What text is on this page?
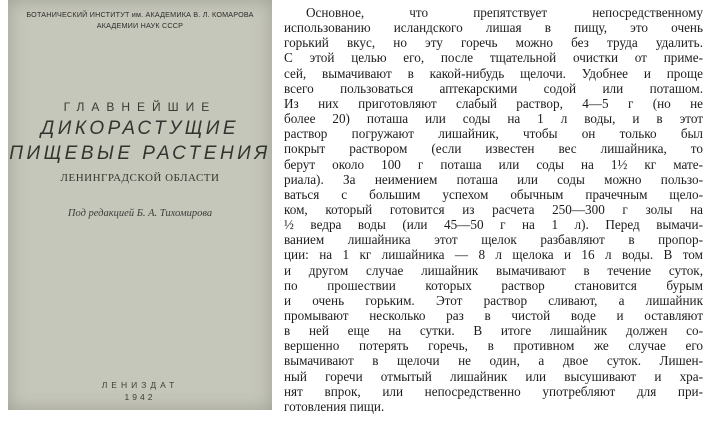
БОТАНИЧЕСКИЙ ИНСТИТУТ им. АКАДЕМИКА В. Л. КОМАРОВА
АКАДЕМИИ НАУК СССР
ГЛАВНЕЙШИЕ
ДИКОРАСТУЩИЕ
ПИЩЕВЫЕ РАСТЕНИЯ
ЛЕНИНГРАДСКОЙ ОБЛАСТИ
Под редакцией Б. А. Тихомирова
ЛЕНИЗДАТ
1942
Основное, что препятствует непосредственному
использованию исландского лишая в пищу, это очень
горький вкус, но эту горечь можно без труда удалить.
С этой целью его, после тщательной очистки от приме-
сей, вымачивают в какой-нибудь щелочи. Удобнее и проще
всего пользоваться аптекарскими содой или поташом.
Из них приготовляют слабый раствор, 4—5 г (но не
более 20) поташа или соды на 1 л воды, и в этот
раствор погружают лишайник, чтобы он только был
покрыт раствором (если известен вес лишайника, то
берут около 100 г поташа или соды на 1½ кг мате-
риала). За неимением поташа или соды можно пользо-
ваться с большим успехом обычным прачечным щело-
ком, который готовится из расчета 250—300 г золы на
½ ведра воды (или 45—50 г на 1 л). Перед вымачи-
ванием лишайника этот щелок разбавляют в пропор-
ции: на 1 кг лишайника — 8 л щелока и 16 л воды. В том
и другом случае лишайник вымачивают в течение суток,
по прошествии которых раствор становится бурым
и очень горьким. Этот раствор сливают, а лишайник
промывают несколько раз в чистой воде и оставляют
в ней еще на сутки. В итоге лишайник должен со-
вершенно потерять горечь, в противном же случае его
вымачивают в щелочи не один, а двое суток. Лишен-
ный горечи отмытый лишайник или высушивают и хра-
нят впрок, или непосредственно употребляют для при-
готовления пищи.
